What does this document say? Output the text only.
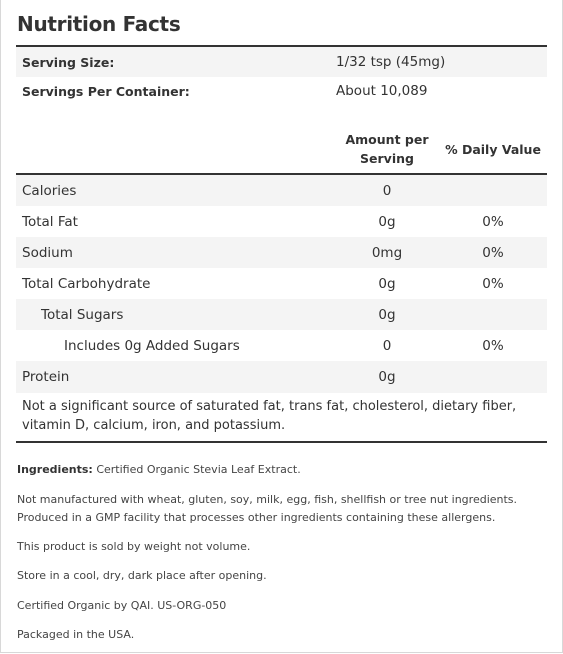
Nutrition Facts
Serving Size:	1/32 tsp (45mg)
Servings Per Container:	About 10,089
Amount per Serving
% Daily Value
Calories	0
Total Fat	0g	0%
Sodium	0mg	0%
Total Carbohydrate	0g	0%
Total Sugars	0g
Includes 0g Added Sugars	0	0%
Protein	0g
Not a significant source of saturated fat, trans fat, cholesterol, dietary fiber, vitamin D, calcium, iron, and potassium.
Ingredients: Certified Organic Stevia Leaf Extract.
Not manufactured with wheat, gluten, soy, milk, egg, fish, shellfish or tree nut ingredients. Produced in a GMP facility that processes other ingredients containing these allergens.
This product is sold by weight not volume.
Store in a cool, dry, dark place after opening.
Certified Organic by QAI. US-ORG-050
Packaged in the USA.
